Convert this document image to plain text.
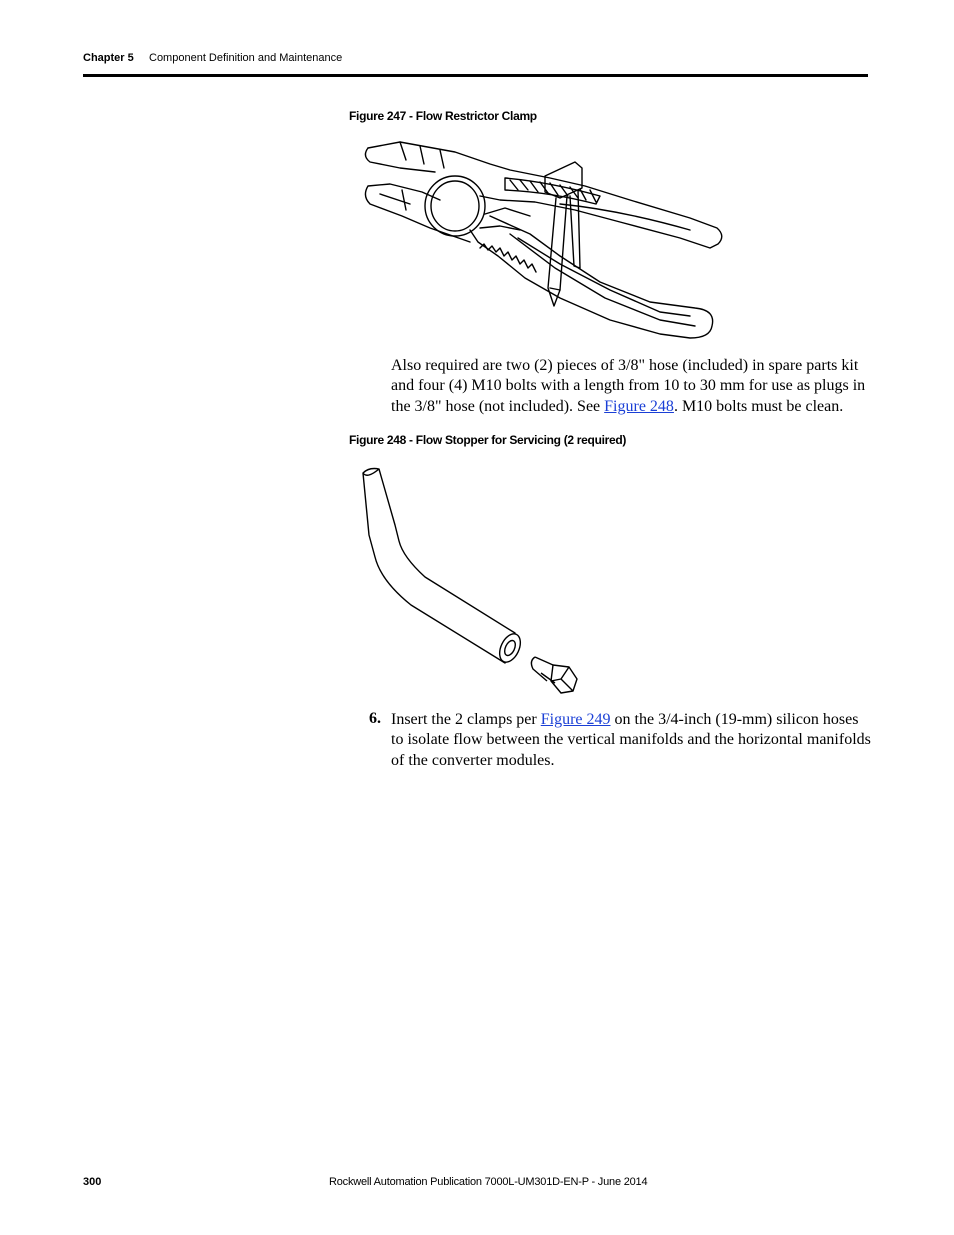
Chapter 5 Component Definition and Maintenance
Figure 247 - Flow Restrictor Clamp
Also required are two (2) pieces of 3/8" hose (included) in spare parts kit and four (4) M10 bolts with a length from 10 to 30 mm for use as plugs in the 3/8" hose (not included). See Figure 248. M10 bolts must be clean.
Figure 248 - Flow Stopper for Servicing (2 required)
6. Insert the 2 clamps per Figure 249 on the 3/4-inch (19-mm) silicon hoses to isolate flow between the vertical manifolds and the horizontal manifolds of the converter modules.
300	Rockwell Automation Publication 7000L-UM301D-EN-P - June 2014
